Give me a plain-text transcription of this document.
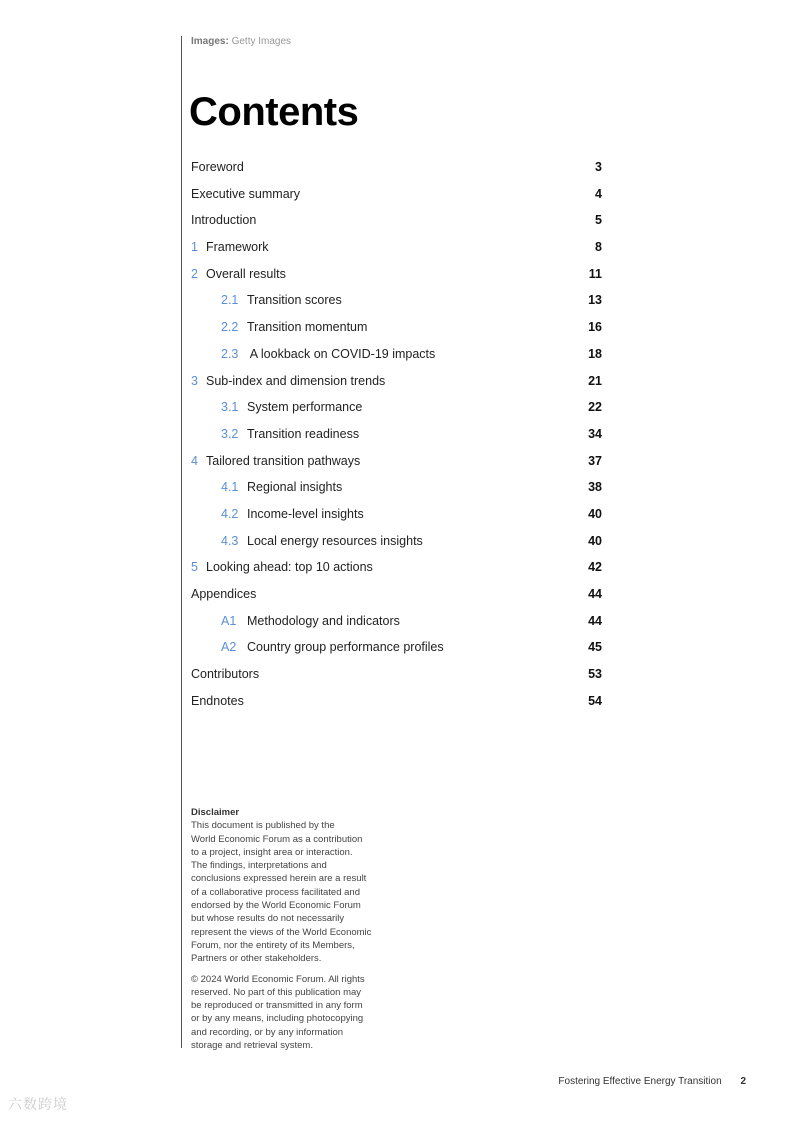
Images: Getty Images
Contents
Foreword	3
Executive summary	4
Introduction	5
1 Framework	8
2 Overall results	11
2.1 Transition scores	13
2.2 Transition momentum	16
2.3 A lookback on COVID-19 impacts	18
3 Sub-index and dimension trends	21
3.1 System performance	22
3.2 Transition readiness	34
4 Tailored transition pathways	37
4.1 Regional insights	38
4.2 Income-level insights	40
4.3 Local energy resources insights	40
5 Looking ahead: top 10 actions	42
Appendices	44
A1 Methodology and indicators	44
A2 Country group performance profiles	45
Contributors	53
Endnotes	54
Disclaimer

This document is published by the
World Economic Forum as a contribution
to a project, insight area or interaction.
The findings, interpretations and
conclusions expressed herein are a result
of a collaborative process facilitated and
endorsed by the World Economic Forum
but whose results do not necessarily
represent the views of the World Economic
Forum, nor the entirety of its Members,
Partners or other stakeholders.

© 2024 World Economic Forum. All rights
reserved. No part of this publication may
be reproduced or transmitted in any form
or by any means, including photocopying
and recording, or by any information
storage and retrieval system.

Fostering Effective Energy Transition 2
六数跨境
